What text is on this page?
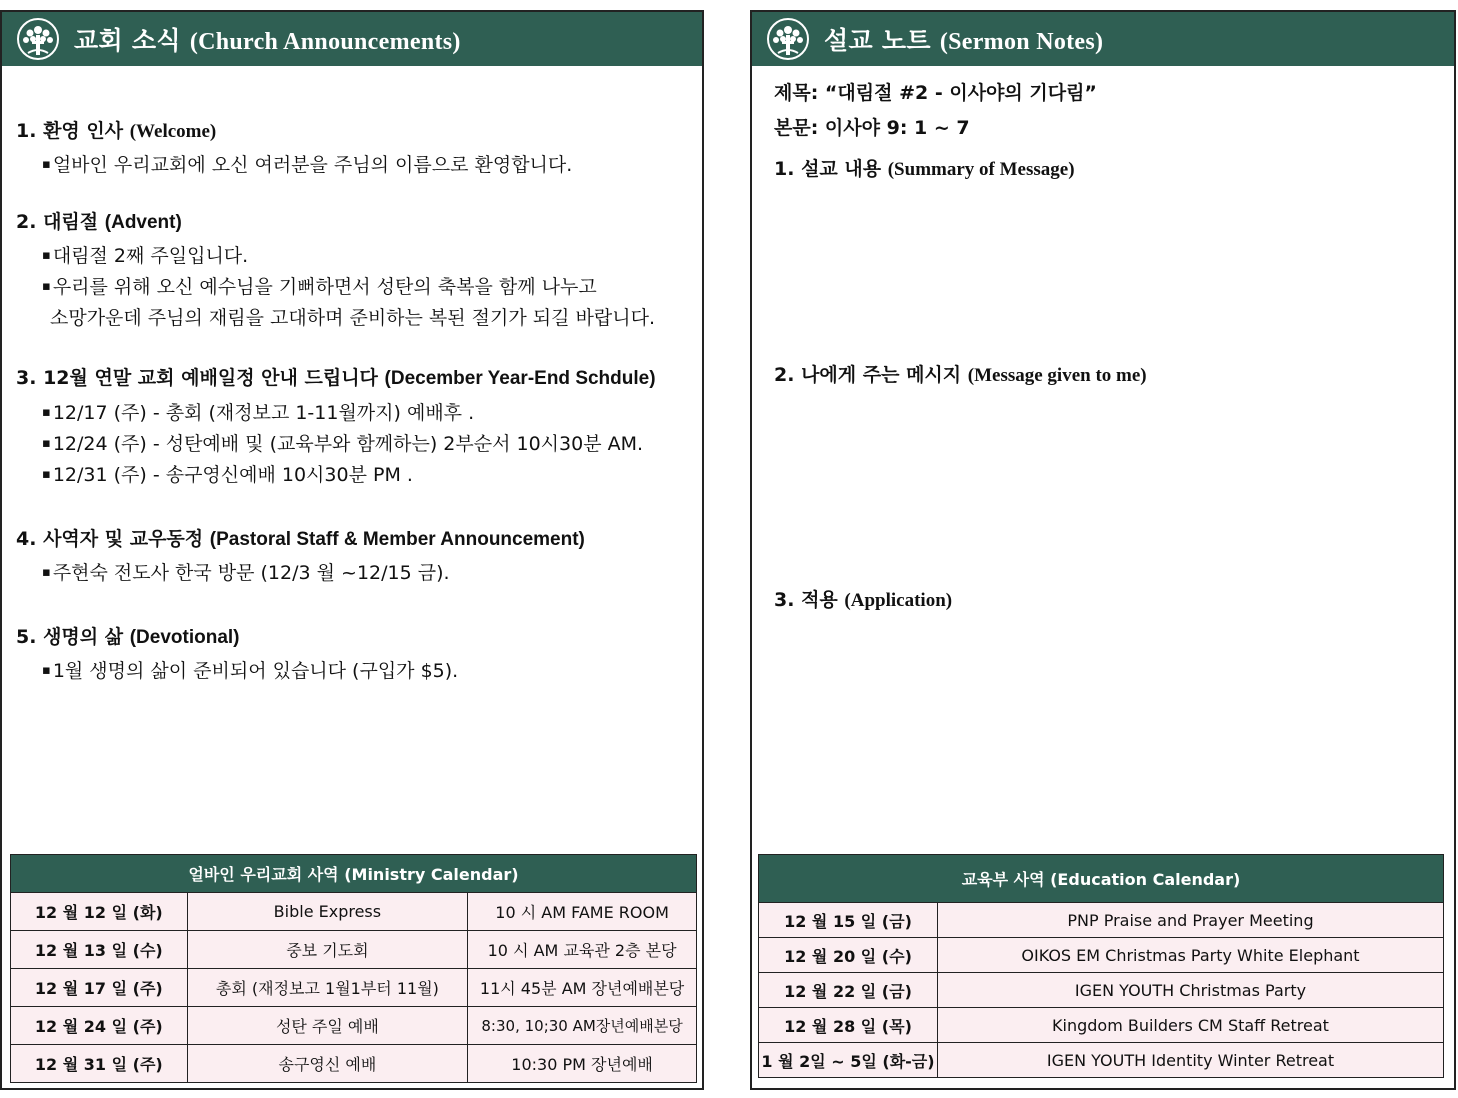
교회 소식 (Church Announcements)
1. 환영 인사 (Welcome)
▪ 얼바인 우리교회에 오신 여러분을 주님의 이름으로 환영합니다.
2. 대림절 (Advent)
▪ 대림절 2째 주일입니다.
▪ 우리를 위해 오신 예수님을 기뻐하면서 성탄의 축복을 함께 나누고
소망가운데 주님의 재림을 고대하며 준비하는 복된 절기가 되길 바랍니다.
3. 12월 연말 교회 예배일정 안내 드립니다 (December Year-End Schdule)
▪ 12/17 (주) - 총회 (재정보고 1-11월까지) 예배후 .
▪ 12/24 (주) - 성탄예배 및 (교육부와 함께하는) 2부순서 10시30분 AM.
▪ 12/31 (주) - 송구영신예배 10시30분 PM .
4. 사역자 및 교우동정 (Pastoral Staff & Member Announcement)
▪ 주현숙 전도사 한국 방문 (12/3 월 ~12/15 금).
5. 생명의 삶 (Devotional)
▪ 1월 생명의 삶이 준비되어 있습니다 (구입가 $5).
얼바인 우리교회 사역 (Ministry Calendar)		
12 월 12 일 (화)	Bible Express	10 시 AM FAME ROOM
12 월 13 일 (수)	중보 기도회	10 시 AM 교육관 2층 본당
12 월 17 일 (주)	총회 (재정보고 1월1부터 11월)	11시 45분 AM 장년예배본당
12 월 24 일 (주)	성탄 주일 예배	8:30, 10;30 AM장년예배본당
12 월 31 일 (주)	송구영신 예배	10:30 PM 장년예배
설교 노트 (Sermon Notes)
제목: “대림절 #2 - 이사야의 기다림”
본문: 이사야 9: 1 ~ 7
1. 설교 내용 (Summary of Message)
2. 나에게 주는 메시지 (Message given to me)
3. 적용 (Application)
교육부 사역 (Education Calendar)	
12 월 15 일 (금)	PNP Praise and Prayer Meeting
12 월 20 일 (수)	OIKOS EM Christmas Party White Elephant
12 월 22 일 (금)	IGEN YOUTH Christmas Party
12 월 28 일 (목)	Kingdom Builders CM Staff Retreat
1 월 2일 ~ 5일 (화-금)	IGEN YOUTH Identity Winter Retreat
